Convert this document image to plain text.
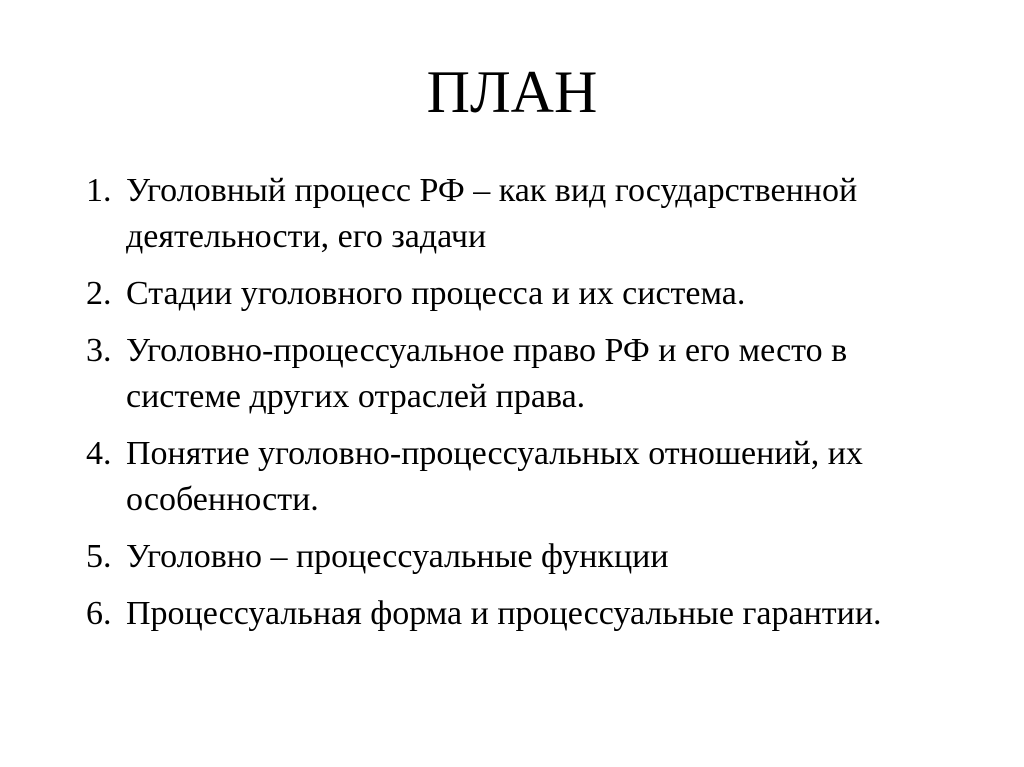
ПЛАН
1. Уголовный процесс РФ – как вид государственной деятельности, его задачи
2. Стадии уголовного процесса и их система.
3. Уголовно-процессуальное право РФ и его место в системе других отраслей права.
4. Понятие уголовно-процессуальных отношений, их особенности.
5. Уголовно – процессуальные функции
6. Процессуальная форма и процессуальные гарантии.
